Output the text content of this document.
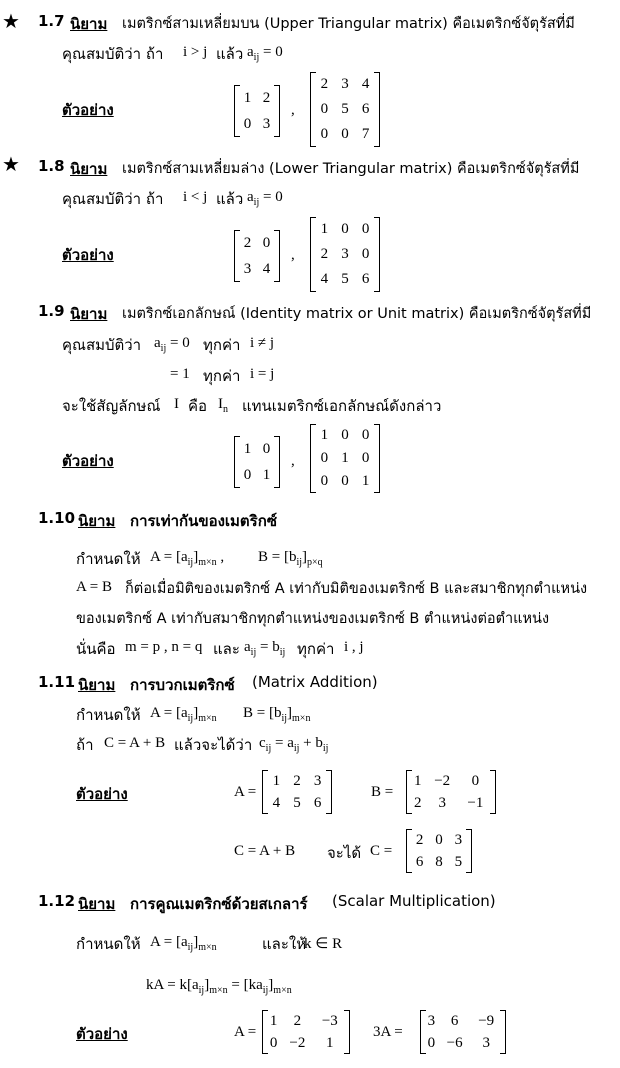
★ 1.7 นิยาม เมตริกซ์สามเหลี่ยมบน (Upper Triangular matrix) คือเมตริกซ์จัตุรัสที่มี
คุณสมบัติว่า ถ้า i > j แล้ว $a_{ij} = 0$
ตัวอย่าง
1	2
0	3
,
2	3	4
0	5	6
0	0	7
★ 1.8 นิยาม เมตริกซ์สามเหลี่ยมล่าง (Lower Triangular matrix) คือเมตริกซ์จัตุรัสที่มี
คุณสมบัติว่า ถ้า i < j แล้ว $a_{ij} = 0$
ตัวอย่าง
2	0
3	4
,
1	0	0
2	3	0
4	5	6
1.9 นิยาม เมตริกซ์เอกลักษณ์ (Identity matrix or Unit matrix) คือเมตริกซ์จัตุรัสที่มี
คุณสมบัติว่า $a_{ij} = 0$ ทุกค่า i ≠ j
= 1 ทุกค่า i = j
จะใช้สัญลักษณ์ I คือ $I_n$ แทนเมตริกซ์เอกลักษณ์ดังกล่าว
ตัวอย่าง
1	0
0	1
,
1	0	0
0	1	0
0	0	1
1.10 นิยาม การเท่ากันของเมตริกซ์
กำหนดให้ $A = [a_{ij}]_{m\times n}$ , $B = [b_{ij}]_{p\times q}$
A = B ก็ต่อเมื่อมิติของเมตริกซ์ A เท่ากับมิติของเมตริกซ์ B และสมาชิกทุกตำแหน่ง
ของเมตริกซ์ A เท่ากับสมาชิกทุกตำแหน่งของเมตริกซ์ B ตำแหน่งต่อตำแหน่ง
นั่นคือ m = p , n = q และ $a_{ij} = b_{ij}$ ทุกค่า i , j
1.11 นิยาม การบวกเมตริกซ์ (Matrix Addition)
กำหนดให้ $A = [a_{ij}]_{m\times n}$ $B = [b_{ij}]_{m\times n}$
ถ้า C = A + B แล้วจะได้ว่า $c_{ij} = a_{ij} + b_{ij}$
ตัวอย่าง	A =
1	2	3
4	5	6
B =
1	−2	0
2	3	−1
C = A + B จะได้ C =
2	0	3
6	8	5
1.12 นิยาม การคูณเมตริกซ์ด้วยสเกลาร์ (Scalar Multiplication)
กำหนดให้ $A = [a_{ij}]_{m\times n}$	และให้
k ∈ R
kA = $k[a_{ij}]_{m\times n} = [ka_{ij}]_{m\times n}$
ตัวอย่าง	A =
1	2	−3
0	−2	1
3A =
3	6	−9
0	−6	3
